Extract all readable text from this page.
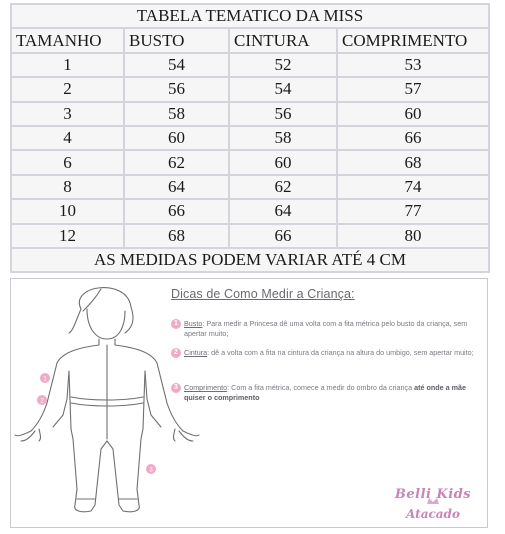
TABELA TEMATICO DA MISS			
TAMANHO	BUSTO	CINTURA	COMPRIMENTO
1	54	52	53
2	56	54	57
3	58	56	60
4	60	58	66
6	62	60	68
8	64	62	74
10	66	64	77
12	68	66	80
AS MEDIDAS PODEM VARIAR ATÉ 4 CM			
1
2
3
Dicas de Como Medir a Criança:
1 Busto: Para medir a Princesa dê uma volta com a fita métrica pelo busto da criança, sem apertar muito;
2 Cintura: dê a volta com a fita na cintura da criança na altura do umbigo, sem apertar muito;
3 Comprimento: Com a fita métrica, comece a medir do ombro da criança até onde a mãe quiser o comprimento
Belli Kids
Atacado
